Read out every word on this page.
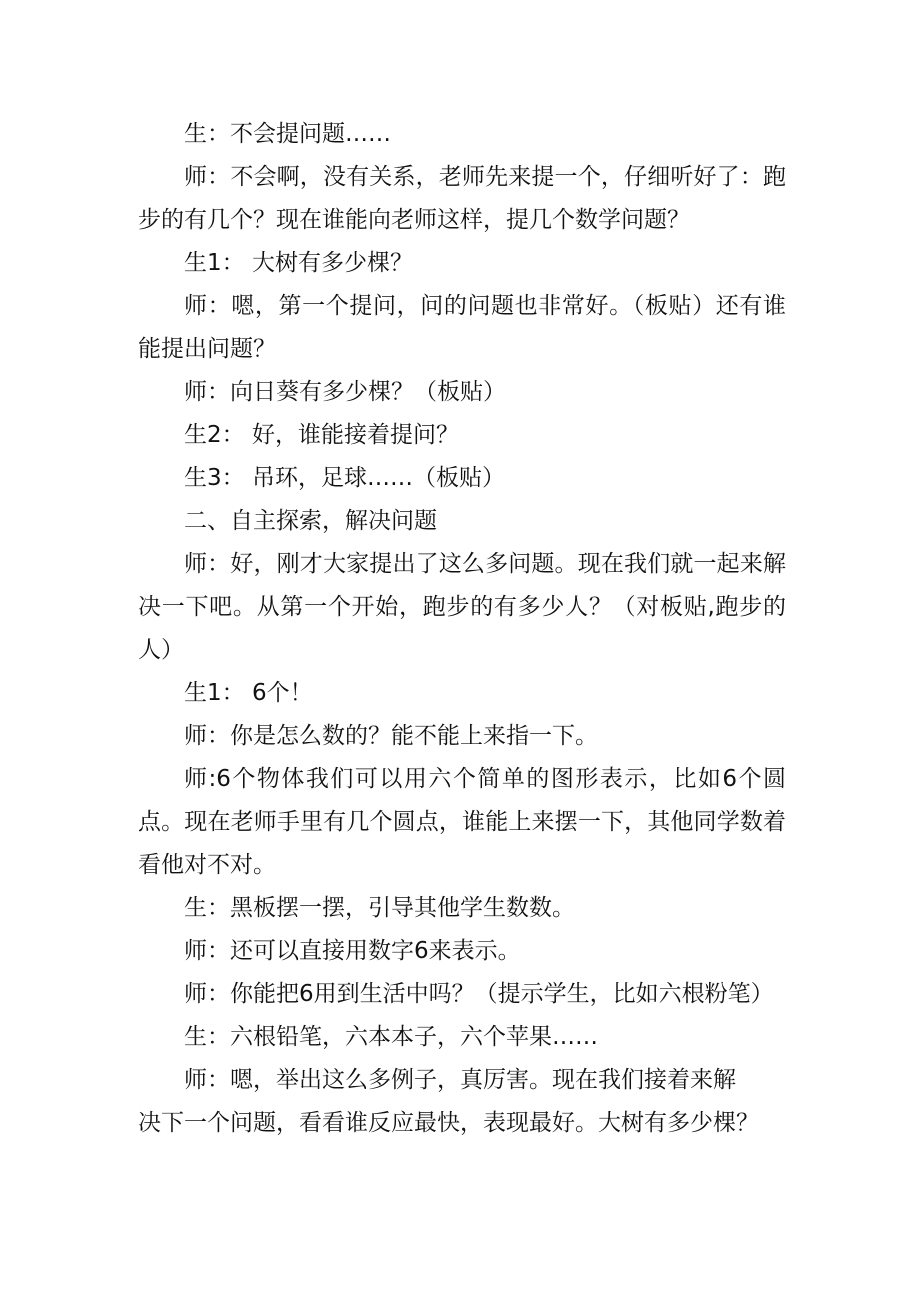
生：不会提问题……

师：不会啊，没有关系，老师先来提一个，仔细听好了：跑步的有几个？现在谁能向老师这样，提几个数学问题？

生1： 大树有多少棵？

师：嗯，第一个提问，问的问题也非常好。（板贴）还有谁能提出问题？

师：向日葵有多少棵？（板贴）

生2： 好，谁能接着提问？

生3： 吊环，足球……（板贴）

二、自主探索，解决问题

师：好，刚才大家提出了这么多问题。现在我们就一起来解决一下吧。从第一个开始，跑步的有多少人？（对板贴,跑步的人）

生1： 6个！

师：你是怎么数的？能不能上来指一下。

师:6个物体我们可以用六个简单的图形表示，比如6个圆点。现在老师手里有几个圆点，谁能上来摆一下，其他同学数着看他对不对。

生：黑板摆一摆，引导其他学生数数。

师：还可以直接用数字6来表示。

师：你能把6用到生活中吗？（提示学生，比如六根粉笔）

生：六根铅笔，六本本子，六个苹果……

师：嗯，举出这么多例子，真厉害。现在我们接着来解
决下一个问题，看看谁反应最快，表现最好。大树有多少棵？
